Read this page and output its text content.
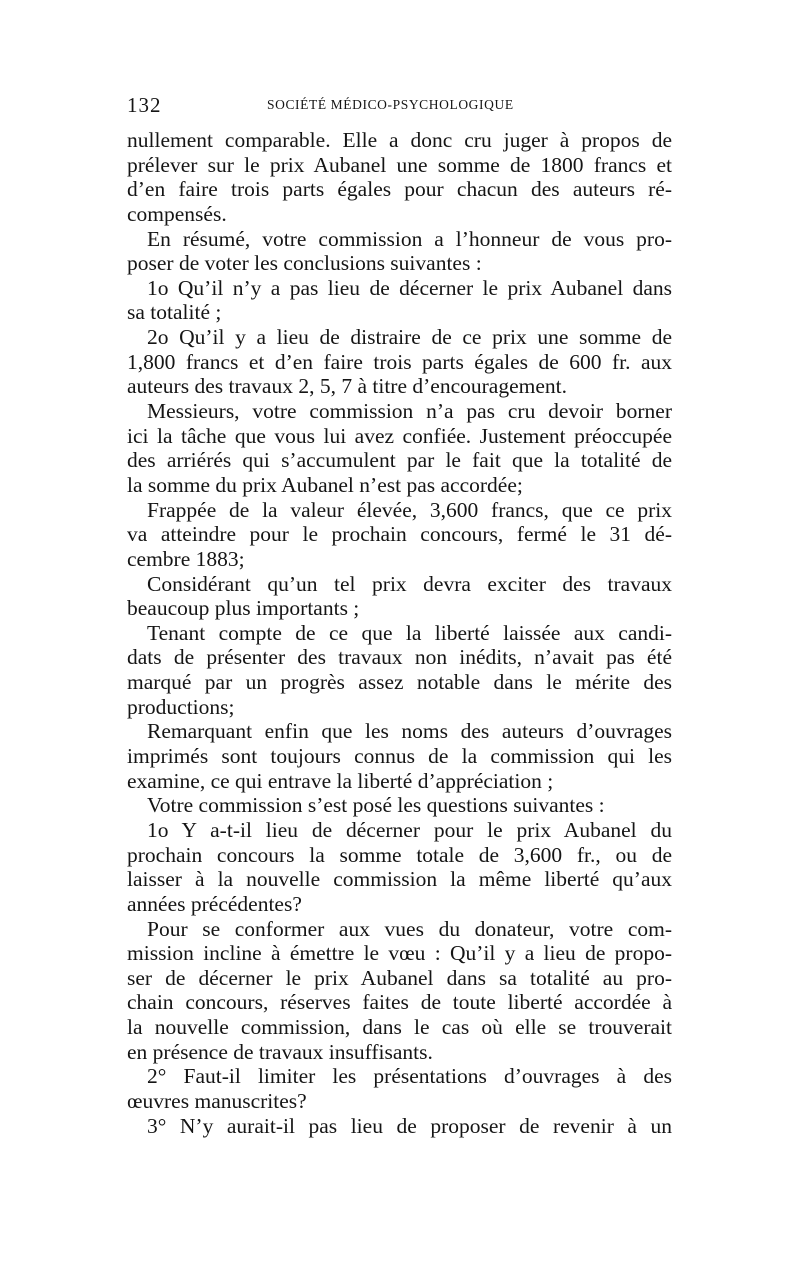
132	SOCIÉTÉ MÉDICO-PSYCHOLOGIQUE
nullement comparable. Elle a donc cru juger à propos de
prélever sur le prix Aubanel une somme de 1800 francs et
d’en faire trois parts égales pour chacun des auteurs ré-
compensés.
En résumé, votre commission a l’honneur de vous pro-
poser de voter les conclusions suivantes :
1o Qu’il n’y a pas lieu de décerner le prix Aubanel dans
sa totalité ;
2o Qu’il y a lieu de distraire de ce prix une somme de
1,800 francs et d’en faire trois parts égales de 600 fr. aux
auteurs des travaux 2, 5, 7 à titre d’encouragement.
Messieurs, votre commission n’a pas cru devoir borner
ici la tâche que vous lui avez confiée. Justement préoccupée
des arriérés qui s’accumulent par le fait que la totalité de
la somme du prix Aubanel n’est pas accordée;
Frappée de la valeur élevée, 3,600 francs, que ce prix
va atteindre pour le prochain concours, fermé le 31 dé-
cembre 1883;
Considérant qu’un tel prix devra exciter des travaux
beaucoup plus importants ;
Tenant compte de ce que la liberté laissée aux candi-
dats de présenter des travaux non inédits, n’avait pas été
marqué par un progrès assez notable dans le mérite des
productions;
Remarquant enfin que les noms des auteurs d’ouvrages
imprimés sont toujours connus de la commission qui les
examine, ce qui entrave la liberté d’appréciation ;
Votre commission s’est posé les questions suivantes :
1o Y a-t-il lieu de décerner pour le prix Aubanel du
prochain concours la somme totale de 3,600 fr., ou de
laisser à la nouvelle commission la même liberté qu’aux
années précédentes?
Pour se conformer aux vues du donateur, votre com-
mission incline à émettre le vœu : Qu’il y a lieu de propo-
ser de décerner le prix Aubanel dans sa totalité au pro-
chain concours, réserves faites de toute liberté accordée à
la nouvelle commission, dans le cas où elle se trouverait
en présence de travaux insuffisants.
2° Faut-il limiter les présentations d’ouvrages à des
œuvres manuscrites?
3° N’y aurait-il pas lieu de proposer de revenir à un
